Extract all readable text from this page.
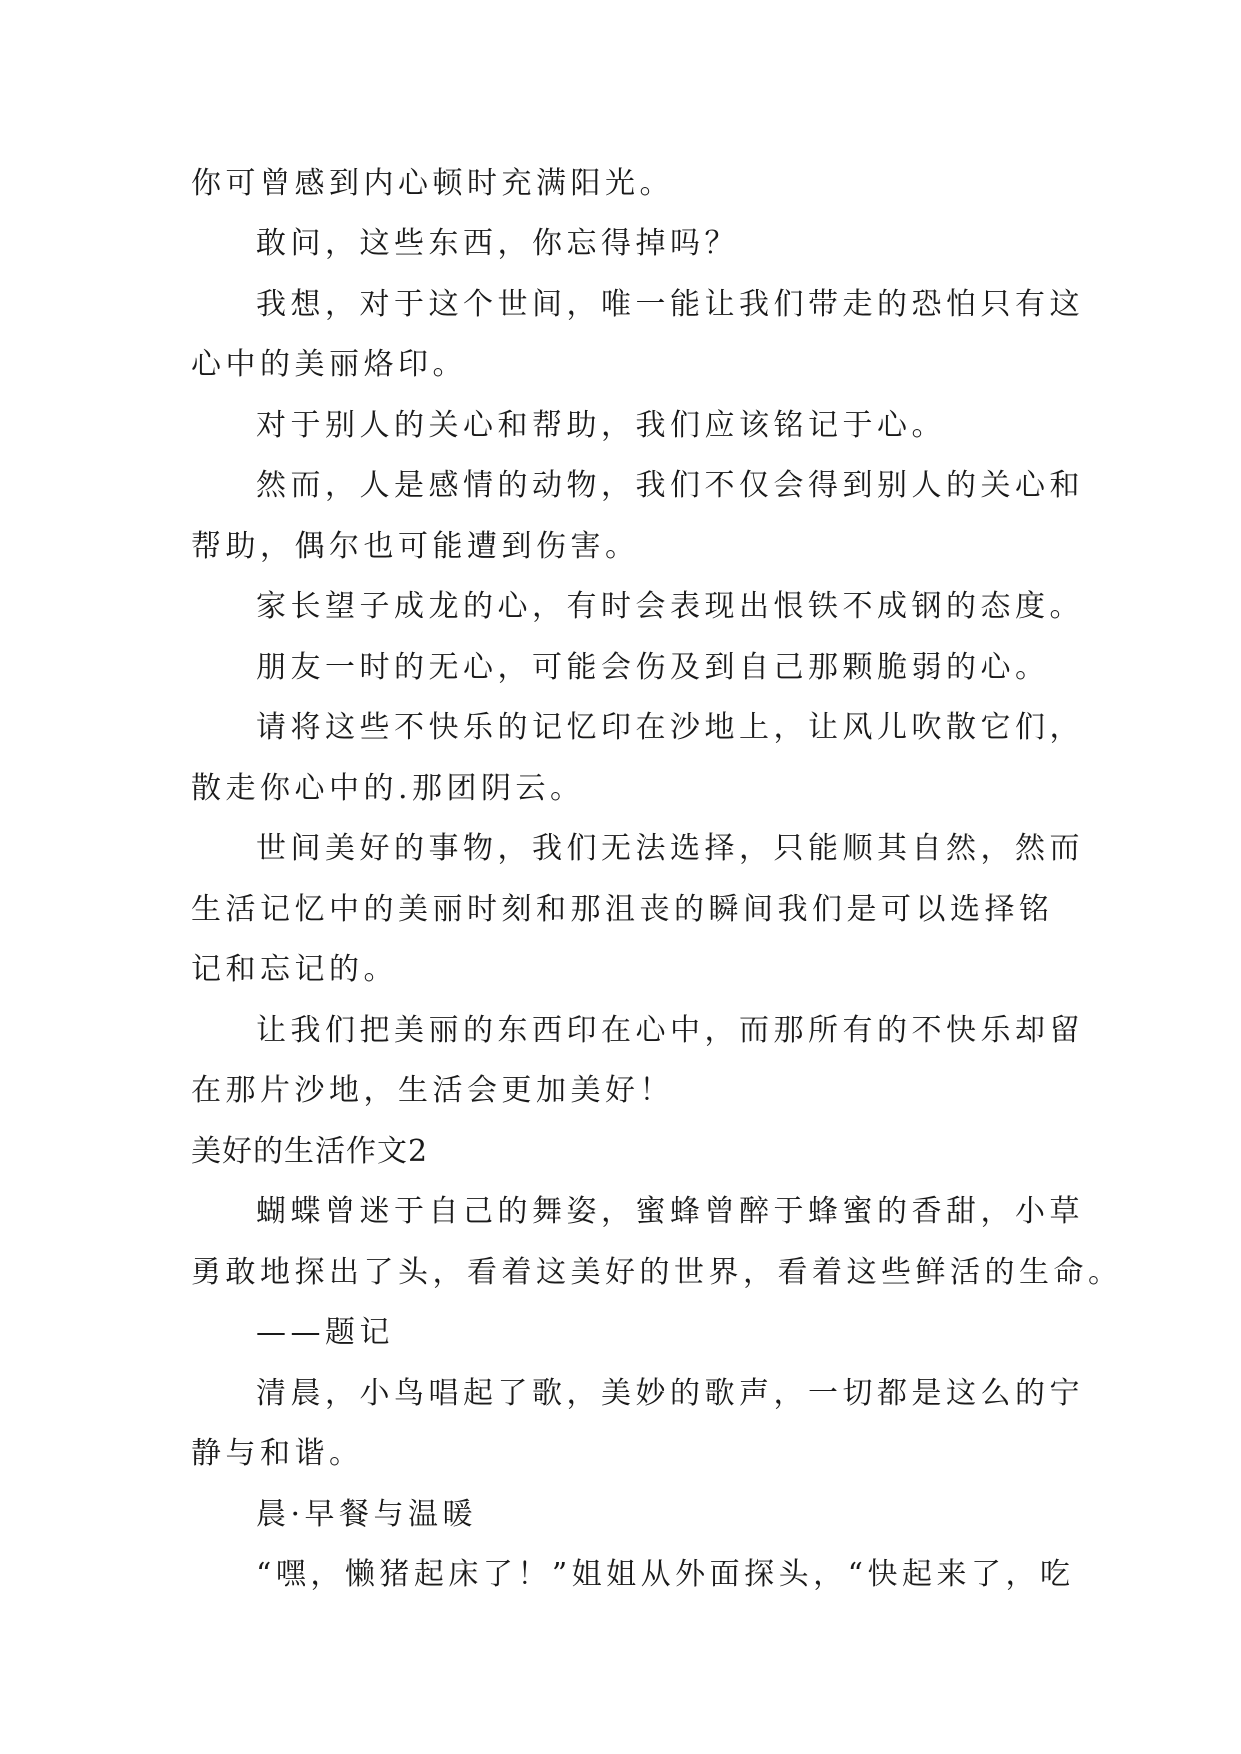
你可曾感到内心顿时充满阳光。
敢问，这些东西，你忘得掉吗？
我想，对于这个世间，唯一能让我们带走的恐怕只有这
心中的美丽烙印。
对于别人的关心和帮助，我们应该铭记于心。
然而，人是感情的动物，我们不仅会得到别人的关心和
帮助，偶尔也可能遭到伤害。
家长望子成龙的心，有时会表现出恨铁不成钢的态度。
朋友一时的无心，可能会伤及到自己那颗脆弱的心。
请将这些不快乐的记忆印在沙地上，让风儿吹散它们，
散走你心中的.那团阴云。
世间美好的事物，我们无法选择，只能顺其自然，然而
生活记忆中的美丽时刻和那沮丧的瞬间我们是可以选择铭
记和忘记的。
让我们把美丽的东西印在心中，而那所有的不快乐却留
在那片沙地，生活会更加美好！
美好的生活作文2
蝴蝶曾迷于自己的舞姿，蜜蜂曾醉于蜂蜜的香甜，小草
勇敢地探出了头，看着这美好的世界，看着这些鲜活的生命。
——题记
清晨，小鸟唱起了歌，美妙的歌声，一切都是这么的宁
静与和谐。
晨·早餐与温暖
“嘿，懒猪起床了！”姐姐从外面探头，“快起来了，吃
